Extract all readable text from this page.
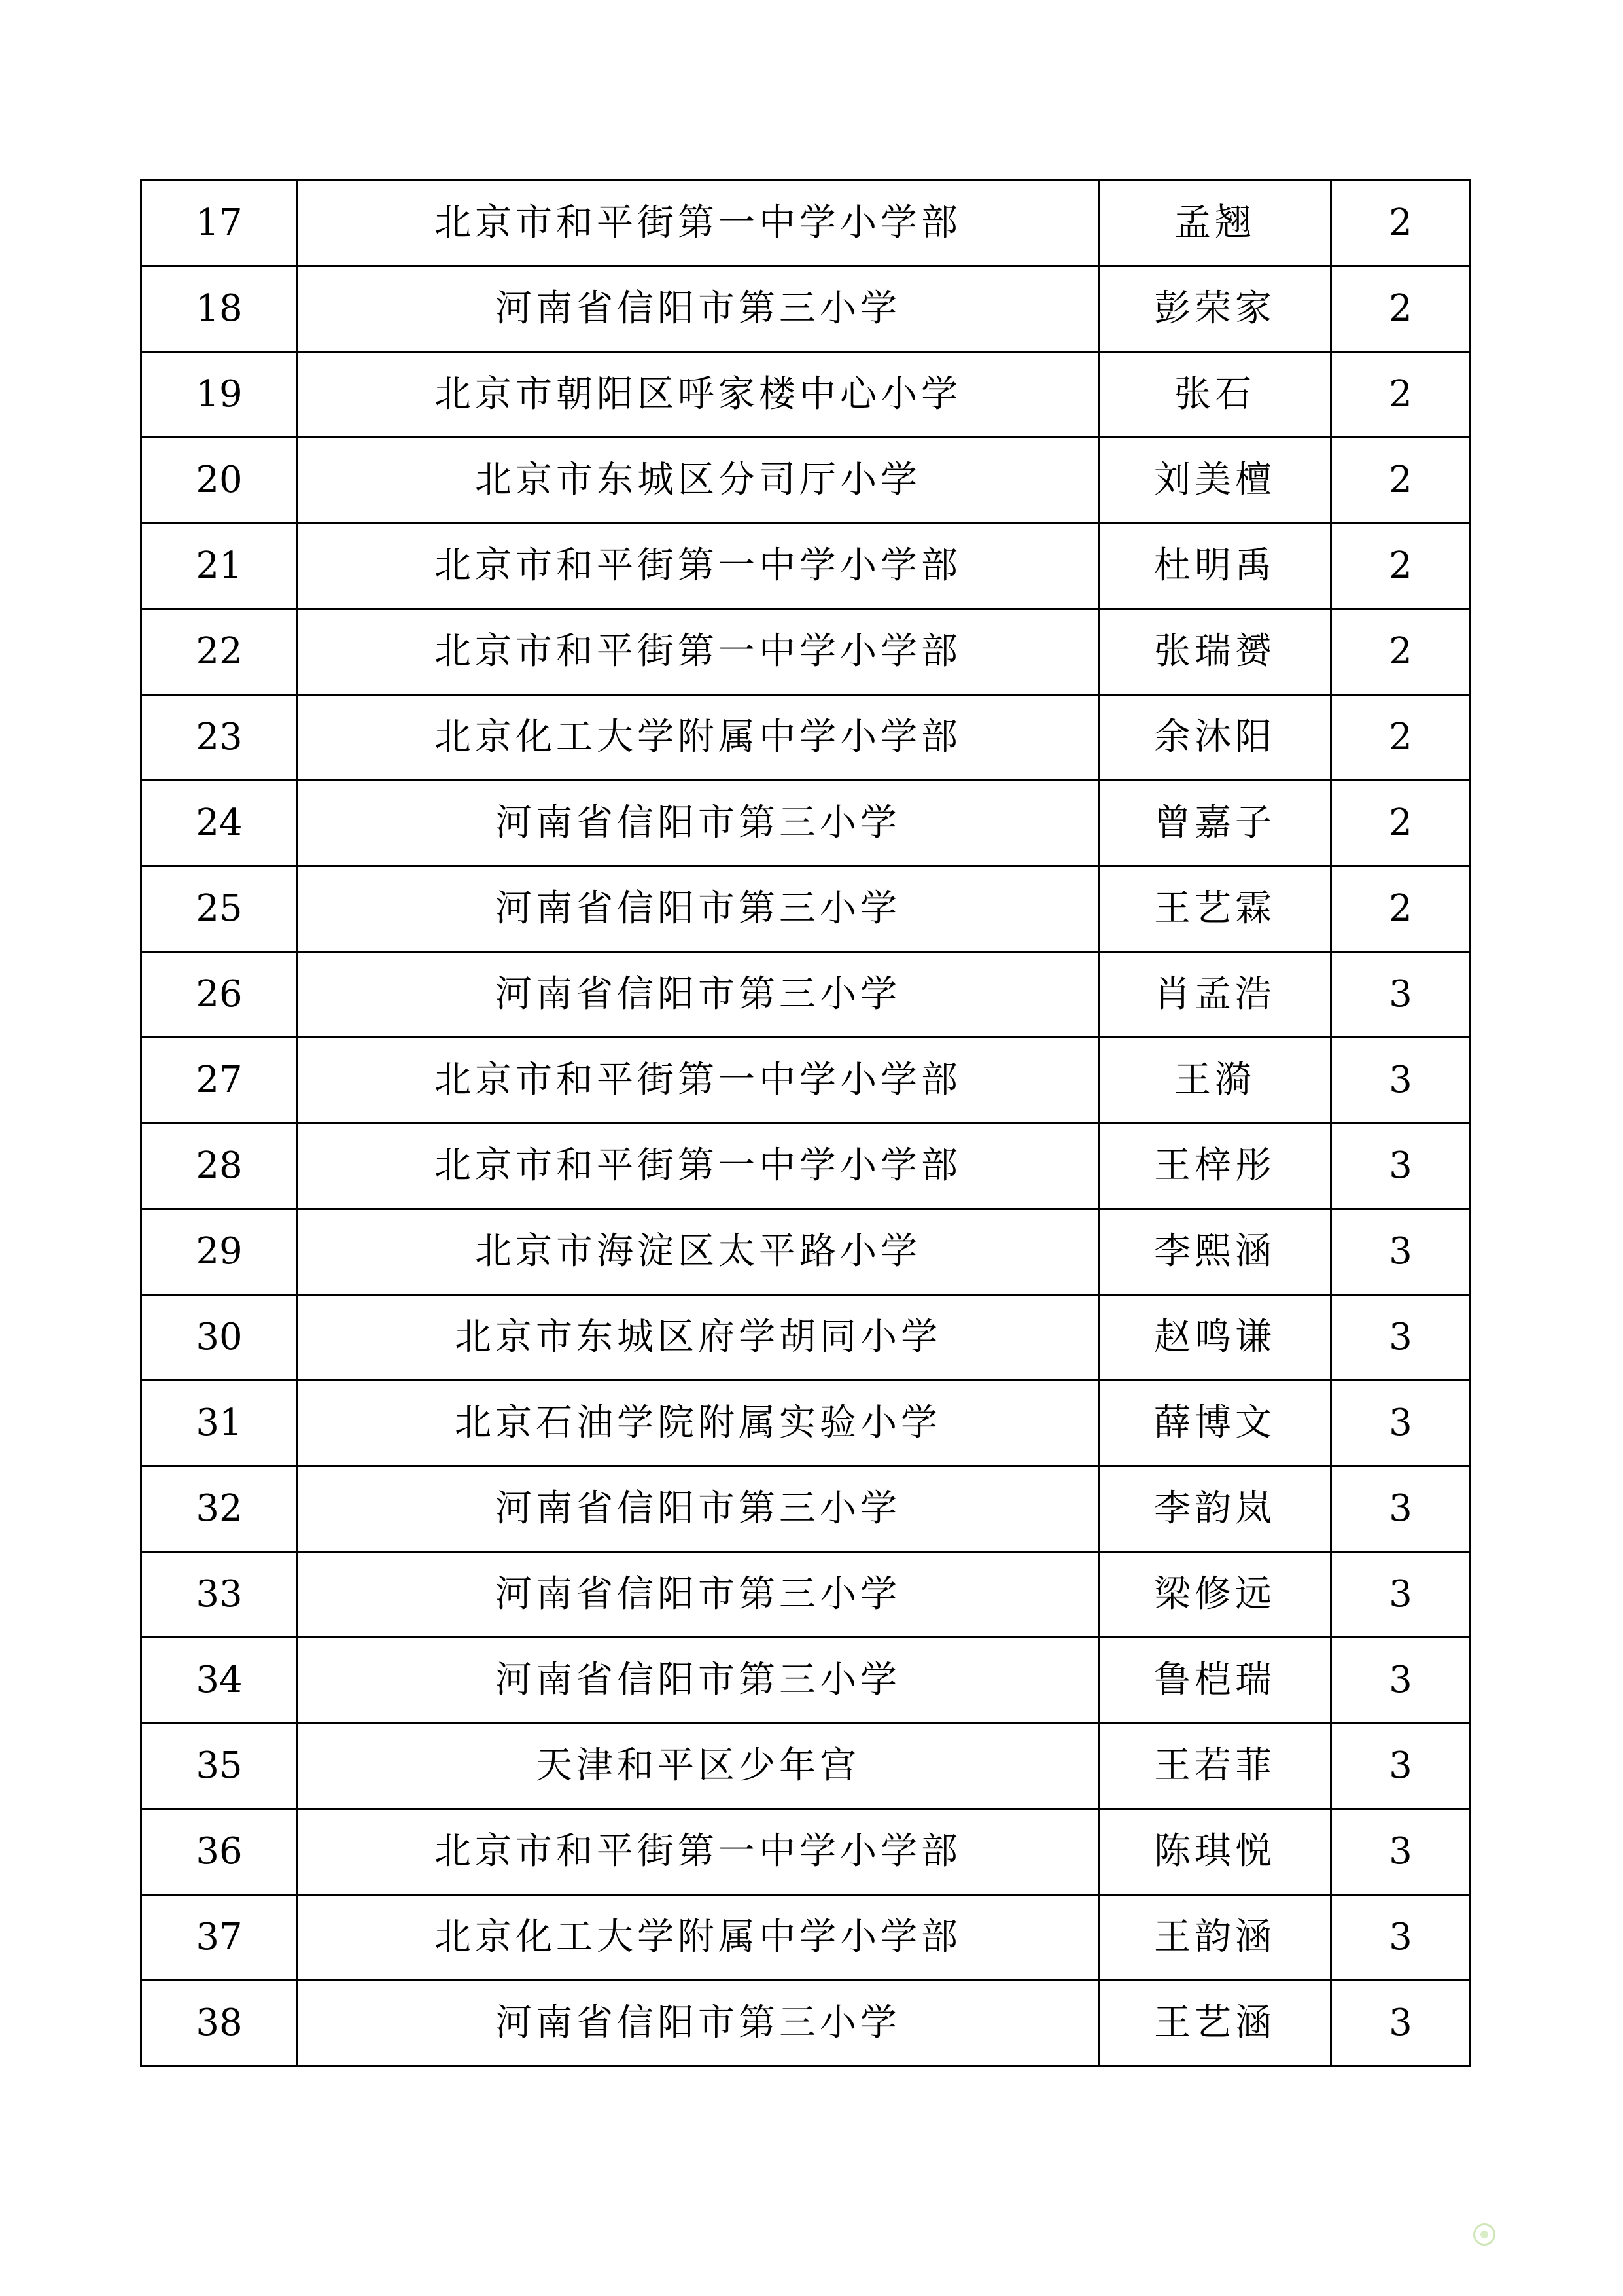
17	北京市和平街第一中学小学部	孟翘	2
18	河南省信阳市第三小学	彭荣家	2
19	北京市朝阳区呼家楼中心小学	张石	2
20	北京市东城区分司厅小学	刘美檀	2
21	北京市和平街第一中学小学部	杜明禹	2
22	北京市和平街第一中学小学部	张瑞赟	2
23	北京化工大学附属中学小学部	余沐阳	2
24	河南省信阳市第三小学	曾嘉子	2
25	河南省信阳市第三小学	王艺霖	2
26	河南省信阳市第三小学	肖孟浩	3
27	北京市和平街第一中学小学部	王漪	3
28	北京市和平街第一中学小学部	王梓彤	3
29	北京市海淀区太平路小学	李熙涵	3
30	北京市东城区府学胡同小学	赵鸣谦	3
31	北京石油学院附属实验小学	薛博文	3
32	河南省信阳市第三小学	李韵岚	3
33	河南省信阳市第三小学	梁修远	3
34	河南省信阳市第三小学	鲁桤瑞	3
35	天津和平区少年宫	王若菲	3
36	北京市和平街第一中学小学部	陈琪悦	3
37	北京化工大学附属中学小学部	王韵涵	3
38	河南省信阳市第三小学	王艺涵	3
